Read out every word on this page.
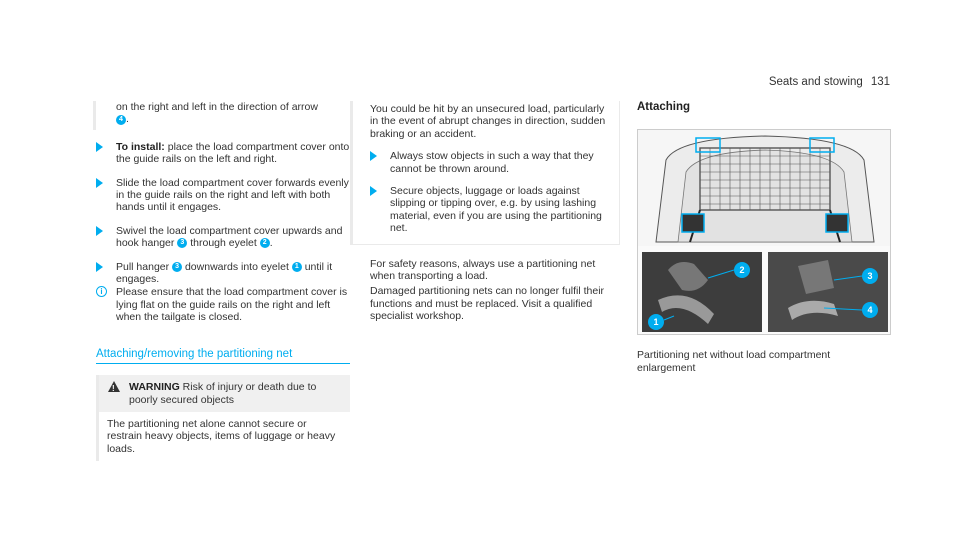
Seats and stowing 131
on the right and left in the direction of arrow
4 .
To install: place the load compartment cover onto the guide rails on the left and right.
Slide the load compartment cover forwards evenly in the guide rails on the right and left with both hands until it engages.
Swivel the load compartment cover upwards and hook hanger 3 through eyelet 2 .
Pull hanger 3 downwards into eyelet 1 until it engages.
i	Please ensure that the load compartment cover is lying flat on the guide rails on the right and left when the tailgate is closed.
Attaching/removing the partitioning net
! WARNING Risk of injury or death due to poorly secured objects
The partitioning net alone cannot secure or restrain heavy objects, items of luggage or heavy loads.
You could be hit by an unsecured load, particularly in the event of abrupt changes in direction, sudden braking or an accident.
Always stow objects in such a way that they cannot be thrown around.
Secure objects, luggage or loads against slipping or tipping over, e.g. by using lashing material, even if you are using the partitioning net.
For safety reasons, always use a partitioning net when transporting a load.
Damaged partitioning nets can no longer fulfil their functions and must be replaced. Visit a qualified specialist workshop.
Attaching
2
1
3
4
Partitioning net without load compartment enlargement
